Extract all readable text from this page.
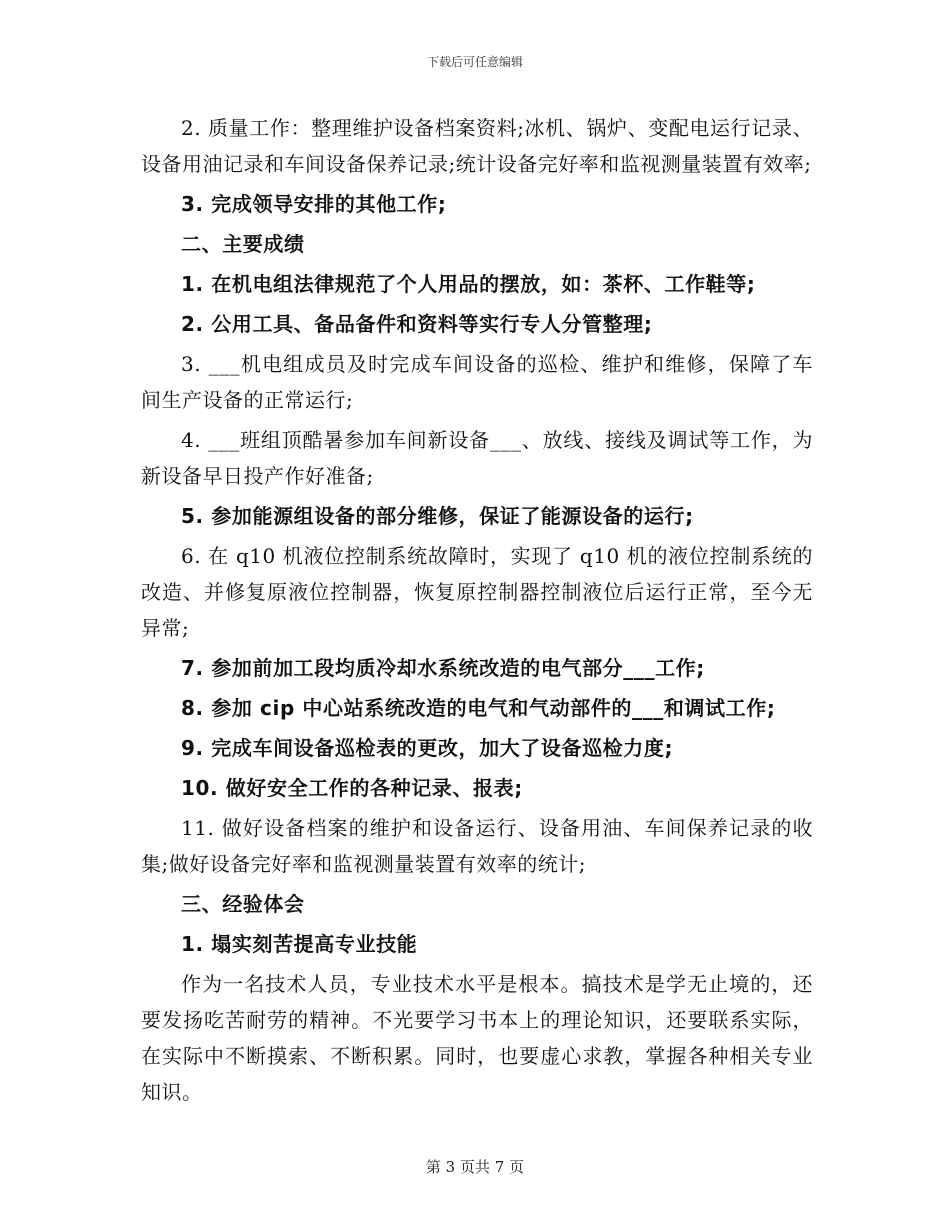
下载后可任意编辑

2. 质量工作：整理维护设备档案资料;冰机、锅炉、变配电运行记录、设备用油记录和车间设备保养记录;统计设备完好率和监视测量装置有效率;

3. 完成领导安排的其他工作;

二、主要成绩

1. 在机电组法律规范了个人用品的摆放，如：茶杯、工作鞋等;

2. 公用工具、备品备件和资料等实行专人分管整理;

3. ___机电组成员及时完成车间设备的巡检、维护和维修，保障了车间生产设备的正常运行;

4. ___班组顶酷暑参加车间新设备___、放线、接线及调试等工作，为新设备早日投产作好准备;

5. 参加能源组设备的部分维修，保证了能源设备的运行;

6. 在 q10 机液位控制系统故障时，实现了 q10 机的液位控制系统的改造、并修复原液位控制器，恢复原控制器控制液位后运行正常，至今无异常;

7. 参加前加工段均质冷却水系统改造的电气部分___工作;

8. 参加 cip 中心站系统改造的电气和气动部件的___和调试工作;

9. 完成车间设备巡检表的更改，加大了设备巡检力度;

10. 做好安全工作的各种记录、报表;

11. 做好设备档案的维护和设备运行、设备用油、车间保养记录的收集;做好设备完好率和监视测量装置有效率的统计;

三、经验体会

1. 塌实刻苦提高专业技能

作为一名技术人员，专业技术水平是根本。搞技术是学无止境的，还要发扬吃苦耐劳的精神。不光要学习书本上的理论知识，还要联系实际，在实际中不断摸索、不断积累。同时，也要虚心求教，掌握各种相关专业知识。

第 3 页共 7 页
